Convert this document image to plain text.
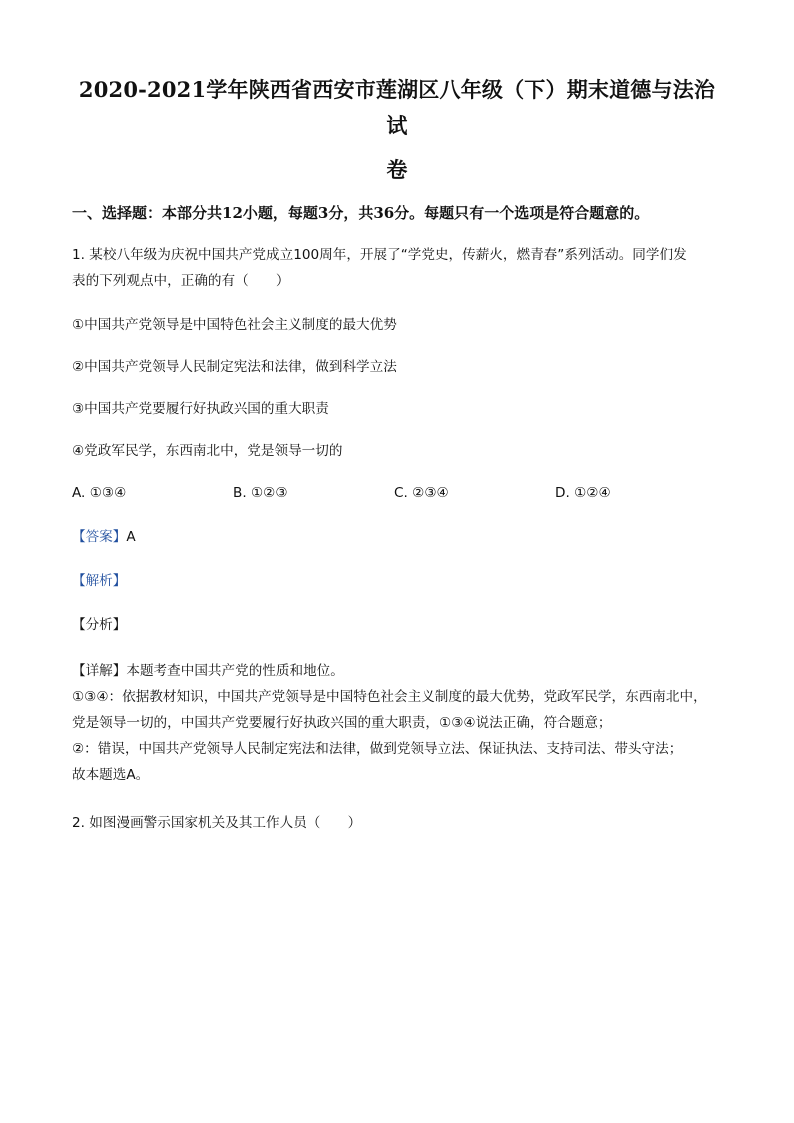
2020-2021学年陕西省西安市莲湖区八年级（下）期末道德与法治试
卷

一、选择题：本部分共12小题，每题3分，共36分。每题只有一个选项是符合题意的。

1. 某校八年级为庆祝中国共产党成立100周年，开展了“学党史，传薪火，燃青春”系列活动。同学们发
表的下列观点中，正确的有（　　）

①中国共产党领导是中国特色社会主义制度的最大优势

②中国共产党领导人民制定宪法和法律，做到科学立法

③中国共产党要履行好执政兴国的重大职责

④党政军民学，东西南北中，党是领导一切的

A. ①③④	B. ①②③	C. ②③④	D. ①②④

【答案】A

【解析】

【分析】

【详解】本题考查中国共产党的性质和地位。

①③④：依据教材知识，中国共产党领导是中国特色社会主义制度的最大优势，党政军民学，东西南北中，

党是领导一切的，中国共产党要履行好执政兴国的重大职责，①③④说法正确，符合题意；

②：错误，中国共产党领导人民制定宪法和法律，做到党领导立法、保证执法、支持司法、带头守法；

故本题选A。

2. 如图漫画警示国家机关及其工作人员（　　）
